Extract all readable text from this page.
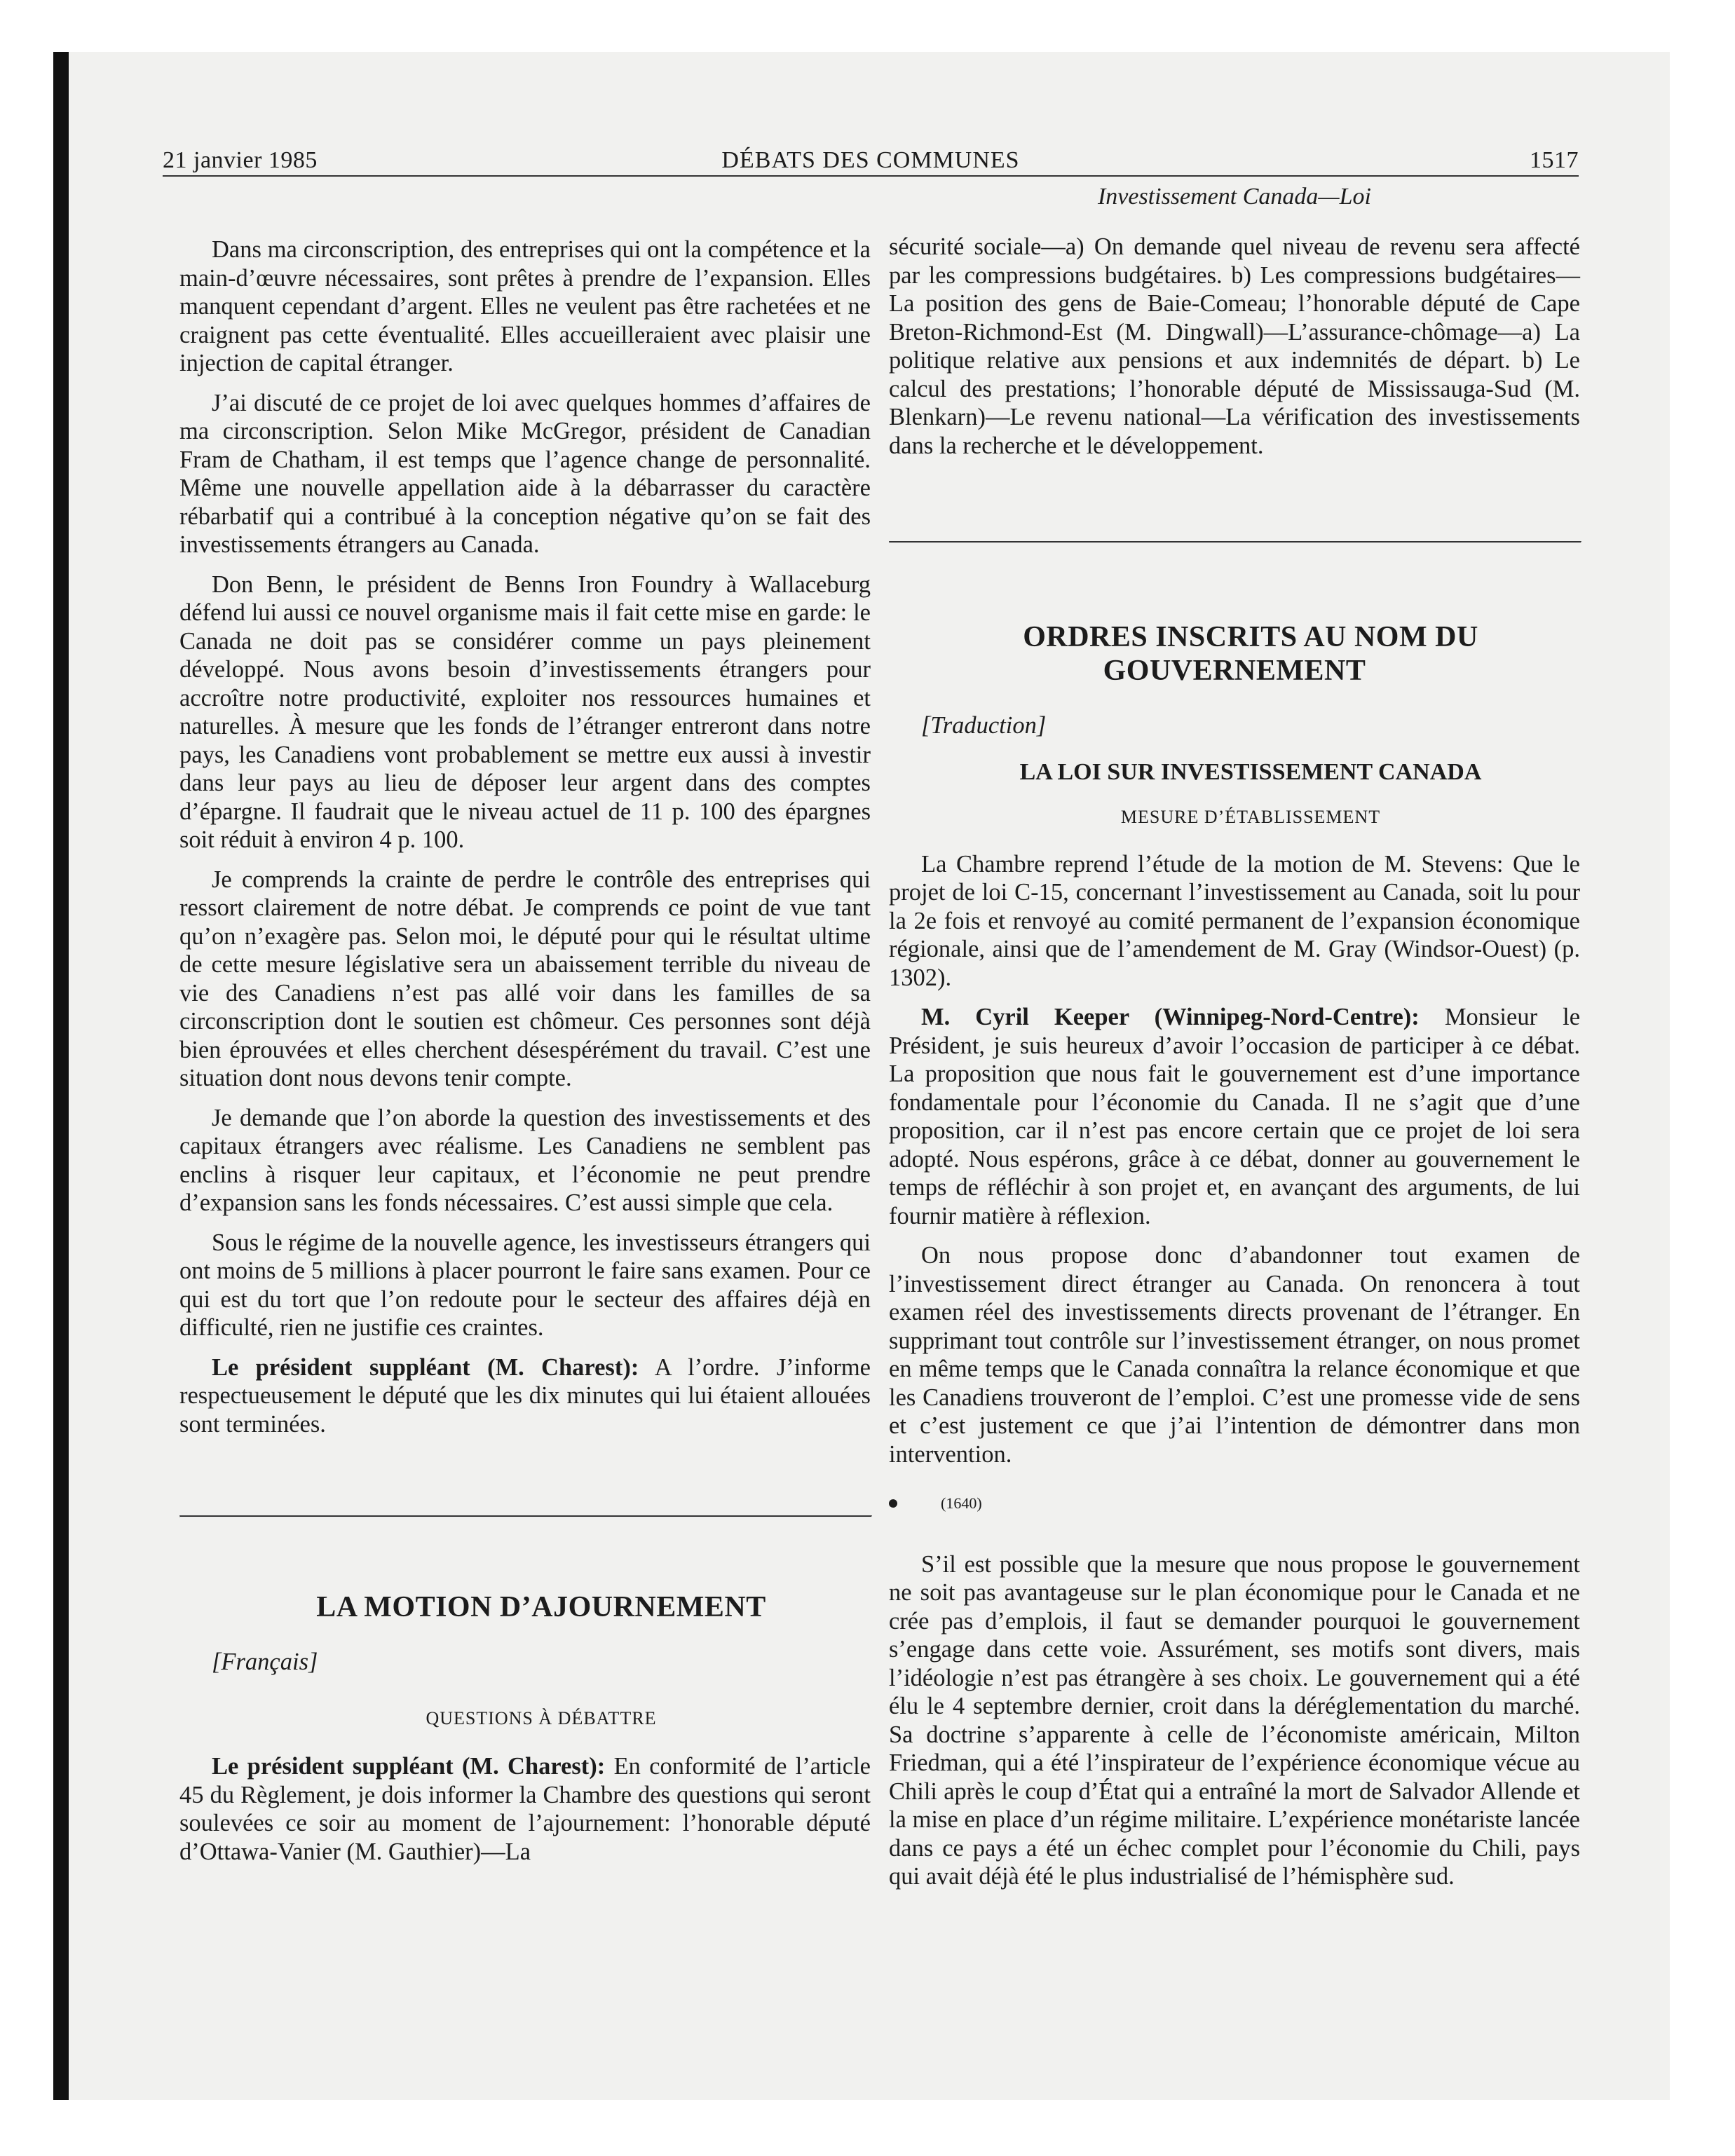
21 janvier 1985	DÉBATS DES COMMUNES	1517
Investissement Canada—Loi

Dans ma circonscription, des entreprises qui ont la compétence et la main-d’œuvre nécessaires, sont prêtes à prendre de l’expansion. Elles manquent cependant d’argent. Elles ne veulent pas être rachetées et ne craignent pas cette éventualité. Elles accueilleraient avec plaisir une injection de capital étranger.

J’ai discuté de ce projet de loi avec quelques hommes d’affaires de ma circonscription. Selon Mike McGregor, président de Canadian Fram de Chatham, il est temps que l’agence change de personnalité. Même une nouvelle appellation aide à la débarrasser du caractère rébarbatif qui a contribué à la conception négative qu’on se fait des investissements étrangers au Canada.

Don Benn, le président de Benns Iron Foundry à Wallaceburg défend lui aussi ce nouvel organisme mais il fait cette mise en garde: le Canada ne doit pas se considérer comme un pays pleinement développé. Nous avons besoin d’investissements étrangers pour accroître notre productivité, exploiter nos ressources humaines et naturelles. À mesure que les fonds de l’étranger entreront dans notre pays, les Canadiens vont probablement se mettre eux aussi à investir dans leur pays au lieu de déposer leur argent dans des comptes d’épargne. Il faudrait que le niveau actuel de 11 p. 100 des épargnes soit réduit à environ 4 p. 100.

Je comprends la crainte de perdre le contrôle des entreprises qui ressort clairement de notre débat. Je comprends ce point de vue tant qu’on n’exagère pas. Selon moi, le député pour qui le résultat ultime de cette mesure législative sera un abaissement terrible du niveau de vie des Canadiens n’est pas allé voir dans les familles de sa circonscription dont le soutien est chômeur. Ces personnes sont déjà bien éprouvées et elles cherchent désespérément du travail. C’est une situation dont nous devons tenir compte.

Je demande que l’on aborde la question des investissements et des capitaux étrangers avec réalisme. Les Canadiens ne semblent pas enclins à risquer leur capitaux, et l’économie ne peut prendre d’expansion sans les fonds nécessaires. C’est aussi simple que cela.

Sous le régime de la nouvelle agence, les investisseurs étrangers qui ont moins de 5 millions à placer pourront le faire sans examen. Pour ce qui est du tort que l’on redoute pour le secteur des affaires déjà en difficulté, rien ne justifie ces craintes.

Le président suppléant (M. Charest): A l’ordre. J’informe respectueusement le député que les dix minutes qui lui étaient allouées sont terminées.

LA MOTION D’AJOURNEMENT

[Français]

QUESTIONS À DÉBATTRE

Le président suppléant (M. Charest): En conformité de l’article 45 du Règlement, je dois informer la Chambre des questions qui seront soulevées ce soir au moment de l’ajournement: l’honorable député d’Ottawa-Vanier (M. Gauthier)—La

sécurité sociale—a) On demande quel niveau de revenu sera affecté par les compressions budgétaires. b) Les compressions budgétaires—La position des gens de Baie-Comeau; l’honorable député de Cape Breton-Richmond-Est (M. Dingwall)—L’assurance-chômage—a) La politique relative aux pensions et aux indemnités de départ. b) Le calcul des prestations; l’honorable député de Mississauga-Sud (M. Blenkarn)—Le revenu national—La vérification des investissements dans la recherche et le développement.

ORDRES INSCRITS AU NOM DU
GOUVERNEMENT

[Traduction]

LA LOI SUR INVESTISSEMENT CANADA

MESURE D’ÉTABLISSEMENT

La Chambre reprend l’étude de la motion de M. Stevens: Que le projet de loi C-15, concernant l’investissement au Canada, soit lu pour la 2e fois et renvoyé au comité permanent de l’expansion économique régionale, ainsi que de l’amendement de M. Gray (Windsor-Ouest) (p. 1302).

M. Cyril Keeper (Winnipeg-Nord-Centre): Monsieur le Président, je suis heureux d’avoir l’occasion de participer à ce débat. La proposition que nous fait le gouvernement est d’une importance fondamentale pour l’économie du Canada. Il ne s’agit que d’une proposition, car il n’est pas encore certain que ce projet de loi sera adopté. Nous espérons, grâce à ce débat, donner au gouvernement le temps de réfléchir à son projet et, en avançant des arguments, de lui fournir matière à réflexion.

On nous propose donc d’abandonner tout examen de l’investissement direct étranger au Canada. On renoncera à tout examen réel des investissements directs provenant de l’étranger. En supprimant tout contrôle sur l’investissement étranger, on nous promet en même temps que le Canada connaîtra la relance économique et que les Canadiens trouveront de l’emploi. C’est une promesse vide de sens et c’est justement ce que j’ai l’intention de démontrer dans mon intervention.

(1640)

S’il est possible que la mesure que nous propose le gouvernement ne soit pas avantageuse sur le plan économique pour le Canada et ne crée pas d’emplois, il faut se demander pourquoi le gouvernement s’engage dans cette voie. Assurément, ses motifs sont divers, mais l’idéologie n’est pas étrangère à ses choix. Le gouvernement qui a été élu le 4 septembre dernier, croit dans la déréglementation du marché. Sa doctrine s’apparente à celle de l’économiste américain, Milton Friedman, qui a été l’inspirateur de l’expérience économique vécue au Chili après le coup d’État qui a entraîné la mort de Salvador Allende et la mise en place d’un régime militaire. L’expérience monétariste lancée dans ce pays a été un échec complet pour l’économie du Chili, pays qui avait déjà été le plus industrialisé de l’hémisphère sud.
